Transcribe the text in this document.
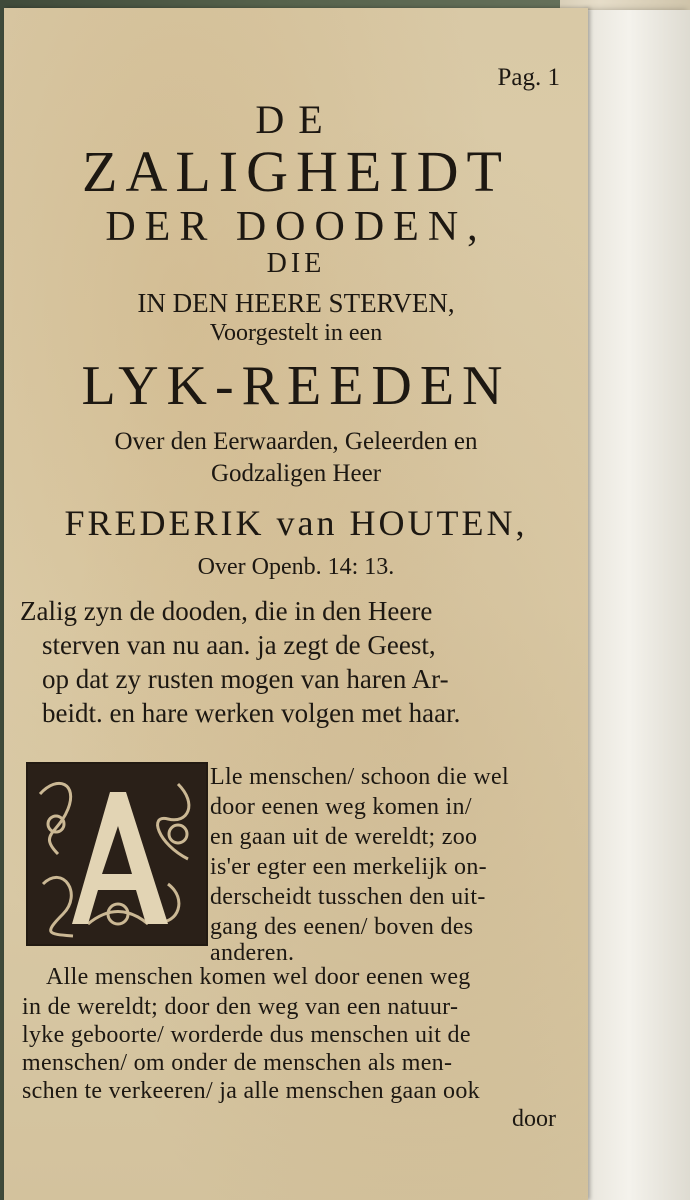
Pag. 1
DE
ZALIGHEIDT
DER DOODEN,
DIE
IN DEN HEERE STERVEN,
Voorgestelt in een
LYK-REEDEN
Over den Eerwaarden, Geleerden en
Godzaligen Heer
FREDERIK van HOUTEN,
Over Openb. 14: 13.
Zalig zyn de dooden, die in den Heere
sterven van nu aan. ja zegt de Geest,
op dat zy rusten mogen van haren Ar-
beidt. en hare werken volgen met haar.
Lle menschen/ schoon die wel
door eenen weg komen in/
en gaan uit de wereldt; zoo
is'er egter een merkelijk on-
derscheidt tusschen den uit-
gang des eenen/ boven des
anderen.
Alle menschen komen wel door eenen weg
in de wereldt; door den weg van een natuur-
lyke geboorte/ worderde dus menschen uit de
menschen/ om onder de menschen als men-
schen te verkeeren/ ja alle menschen gaan ook
door
